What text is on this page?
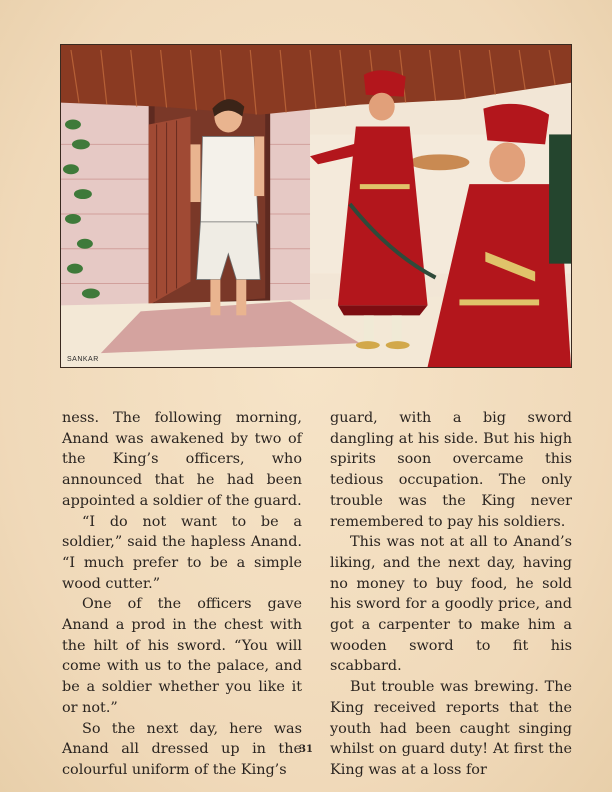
SANKAR

ness. The following morning, Anand was awakened by two of the King’s officers, who announced that he had been appointed a soldier of the guard.

“I do not want to be a soldier,” said the hapless Anand. “I much prefer to be a simple wood cutter.”

One of the officers gave Anand a prod in the chest with the hilt of his sword. “You will come with us to the palace, and be a soldier whether you like it or not.”

So the next day, here was Anand all dressed up in the colourful uniform of the King’s

guard, with a big sword dangling at his side. But his high spirits soon overcame this tedious occupation. The only trouble was the King never remembered to pay his soldiers.

This was not at all to Anand’s liking, and the next day, having no money to buy food, he sold his sword for a goodly price, and got a carpenter to make him a wooden sword to fit his scabbard.

But trouble was brewing. The King received reports that the youth had been caught singing whilst on guard duty! At first the King was at a loss for

31
